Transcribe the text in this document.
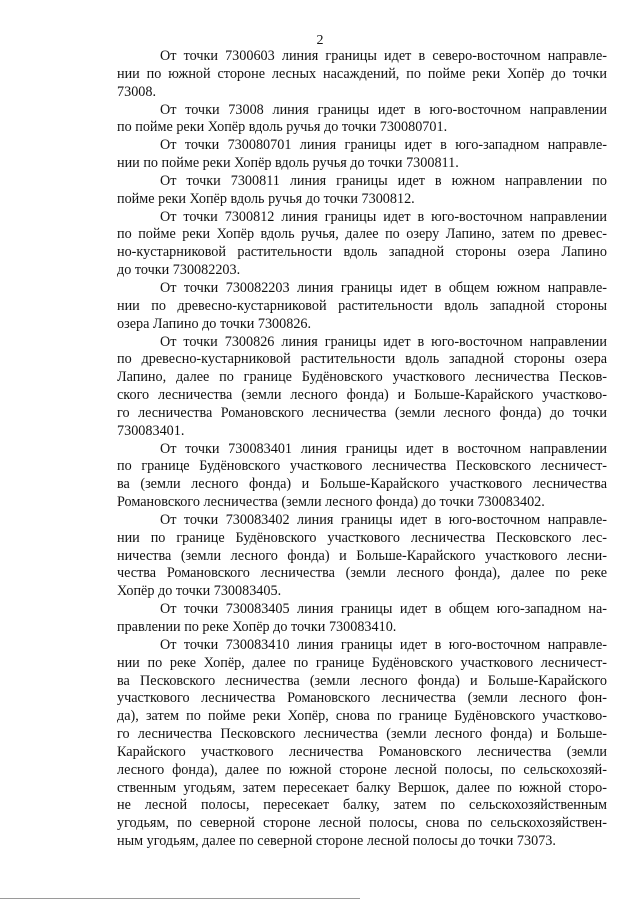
2
От точки 7300603 линия границы идет в северо-восточном направле-
нии по южной стороне лесных насаждений, по пойме реки Хопёр до точки
73008.
От точки 73008 линия границы идет в юго-восточном направлении
по пойме реки Хопёр вдоль ручья до точки 730080701.
От точки 730080701 линия границы идет в юго-западном направле-
нии по пойме реки Хопёр вдоль ручья до точки 7300811.
От точки 7300811 линия границы идет в южном направлении по
пойме реки Хопёр вдоль ручья до точки 7300812.
От точки 7300812 линия границы идет в юго-восточном направлении
по пойме реки Хопёр вдоль ручья, далее по озеру Лапино, затем по древес-
но-кустарниковой растительности вдоль западной стороны озера Лапино
до точки 730082203.
От точки 730082203 линия границы идет в общем южном направле-
нии по древесно-кустарниковой растительности вдоль западной стороны
озера Лапино до точки 7300826.
От точки 7300826 линия границы идет в юго-восточном направлении
по древесно-кустарниковой растительности вдоль западной стороны озера
Лапино, далее по границе Будёновского участкового лесничества Песков-
ского лесничества (земли лесного фонда) и Больше-Карайского участково-
го лесничества Романовского лесничества (земли лесного фонда) до точки
730083401.
От точки 730083401 линия границы идет в восточном направлении
по границе Будёновского участкового лесничества Песковского лесничест-
ва (земли лесного фонда) и Больше-Карайского участкового лесничества
Романовского лесничества (земли лесного фонда) до точки 730083402.
От точки 730083402 линия границы идет в юго-восточном направле-
нии по границе Будёновского участкового лесничества Песковского лес-
ничества (земли лесного фонда) и Больше-Карайского участкового лесни-
чества Романовского лесничества (земли лесного фонда), далее по реке
Хопёр до точки 730083405.
От точки 730083405 линия границы идет в общем юго-западном на-
правлении по реке Хопёр до точки 730083410.
От точки 730083410 линия границы идет в юго-восточном направле-
нии по реке Хопёр, далее по границе Будёновского участкового лесничест-
ва Песковского лесничества (земли лесного фонда) и Больше-Карайского
участкового лесничества Романовского лесничества (земли лесного фон-
да), затем по пойме реки Хопёр, снова по границе Будёновского участково-
го лесничества Песковского лесничества (земли лесного фонда) и Больше-
Карайского участкового лесничества Романовского лесничества (земли
лесного фонда), далее по южной стороне лесной полосы, по сельскохозяй-
ственным угодьям, затем пересекает балку Вершок, далее по южной сторо-
не лесной полосы, пересекает балку, затем по сельскохозяйственным
угодьям, по северной стороне лесной полосы, снова по сельскохозяйствен-
ным угодьям, далее по северной стороне лесной полосы до точки 73073.
